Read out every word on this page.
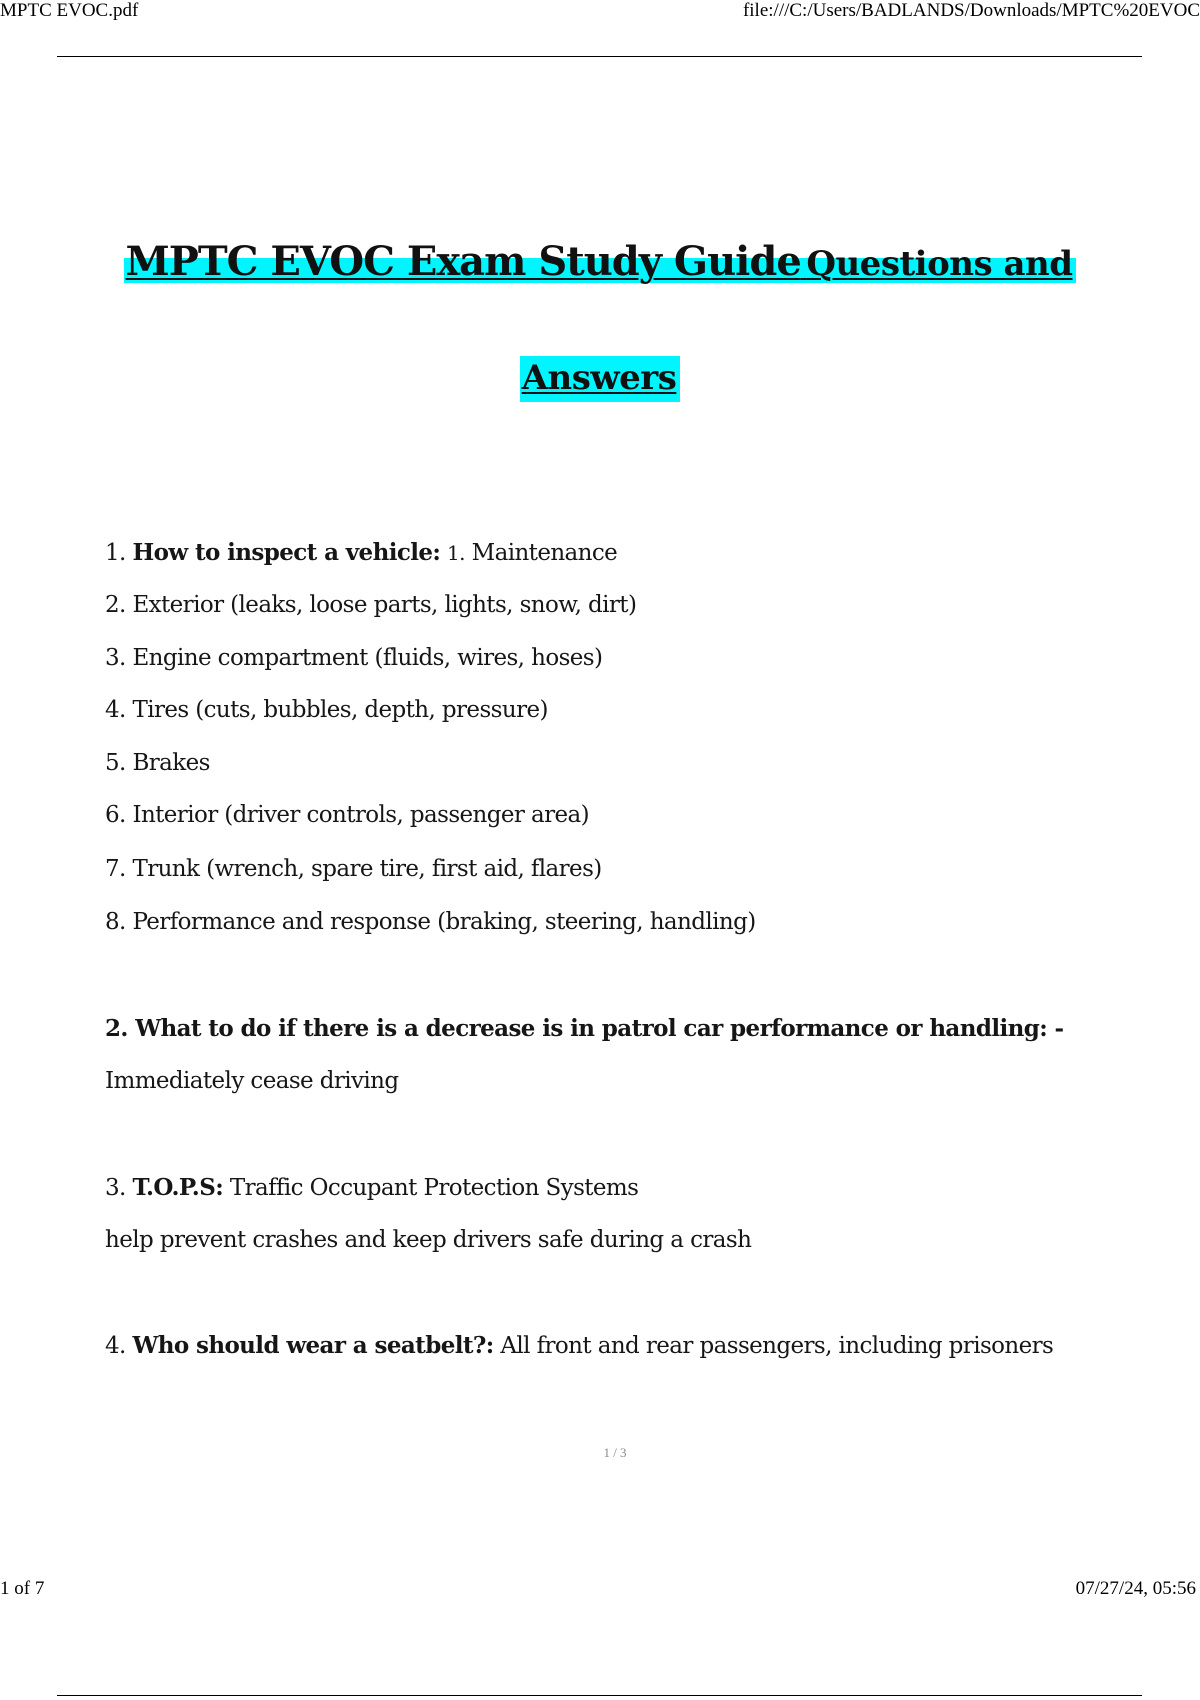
MPTC EVOC.pdf	file:///C:/Users/BADLANDS/Downloads/MPTC%20EVOC
MPTC EVOC Exam Study Guide Questions and
Answers
1. How to inspect a vehicle: 1. Maintenance
2. Exterior (leaks, loose parts, lights, snow, dirt)
3. Engine compartment (fluids, wires, hoses)
4. Tires (cuts, bubbles, depth, pressure)
5. Brakes
6. Interior (driver controls, passenger area)
7. Trunk (wrench, spare tire, first aid, flares)
8. Performance and response (braking, steering, handling)
2. What to do if there is a decrease is in patrol car performance or handling: -
Immediately cease driving
3. T.O.P.S: Traffic Occupant Protection Systems
help prevent crashes and keep drivers safe during a crash
4. Who should wear a seatbelt?: All front and rear passengers, including prisoners
1 / 3
1 of 7	07/27/24, 05:56
